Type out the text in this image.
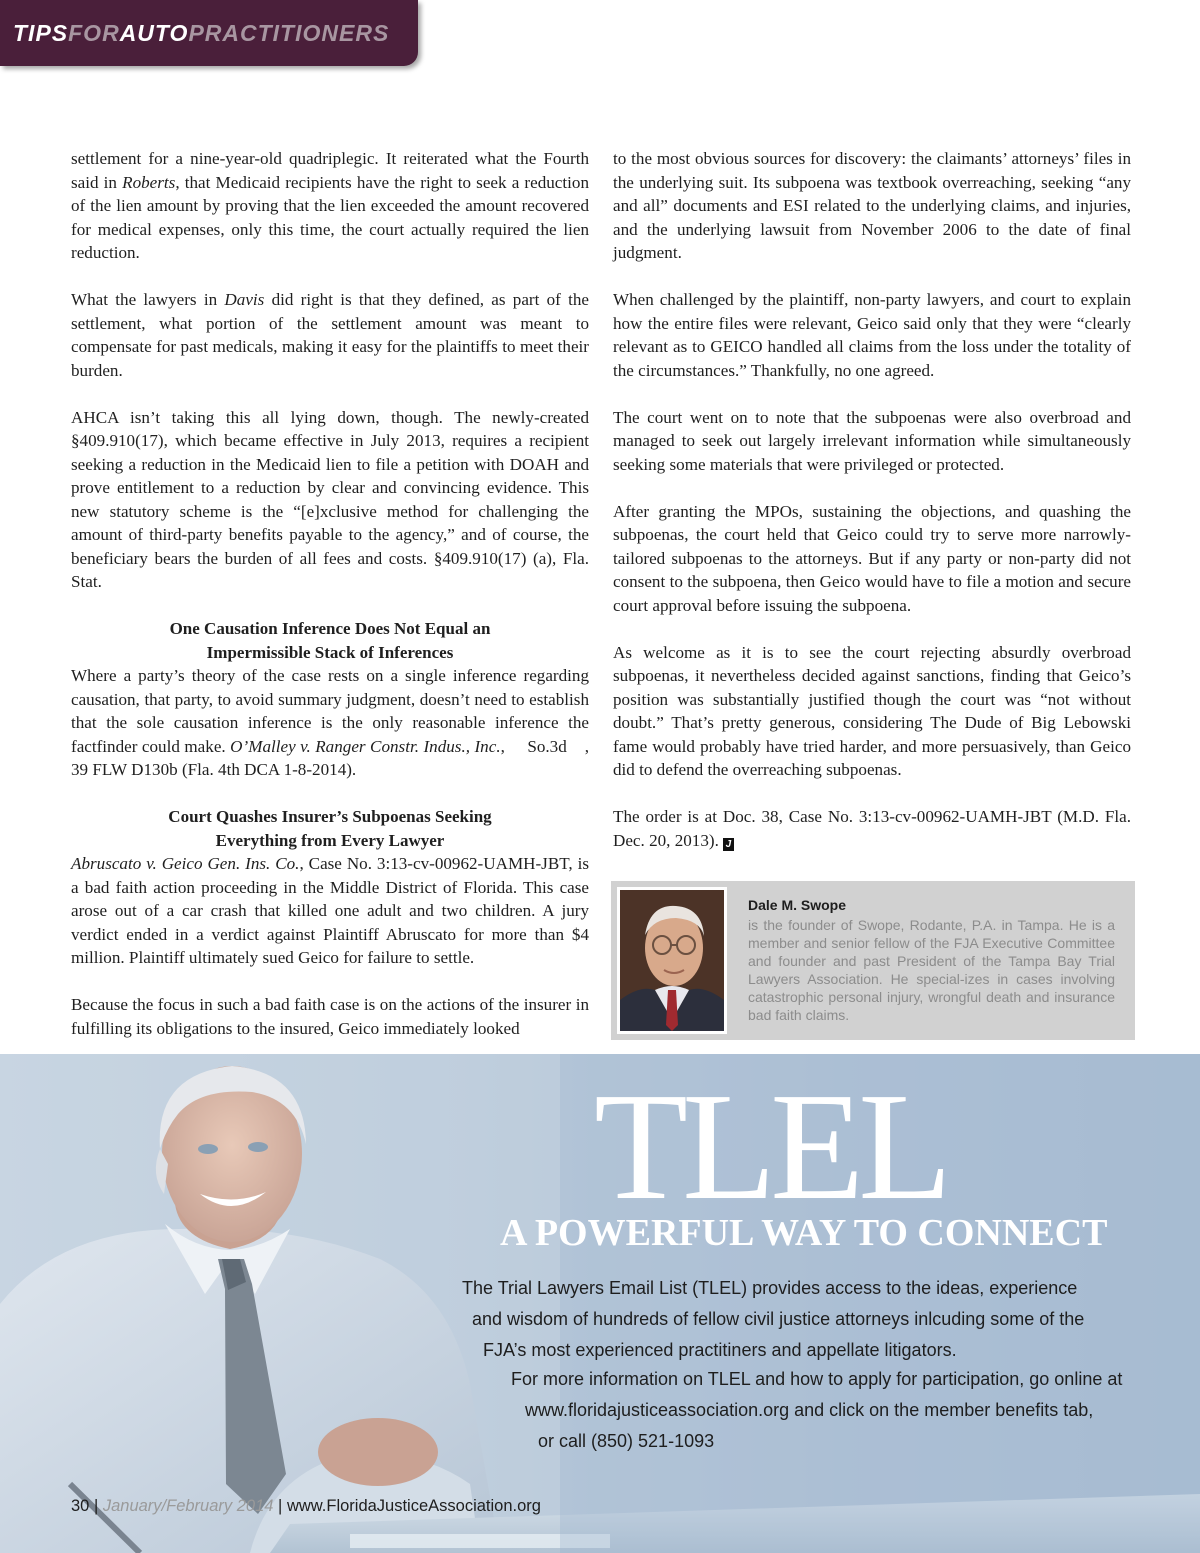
TIPSFORAUTOPRACTITIONERS

settlement for a nine-year-old quadriplegic. It reiterated what the Fourth said in Roberts, that Medicaid recipients have the right to seek a reduction of the lien amount by proving that the lien exceeded the amount recovered for medical expenses, only this time, the court actually required the lien reduction.

What the lawyers in Davis did right is that they defined, as part of the settlement, what portion of the settlement amount was meant to compensate for past medicals, making it easy for the plaintiffs to meet their burden.

AHCA isn’t taking this all lying down, though. The newly-created §409.910(17), which became effective in July 2013, requires a recipient seeking a reduction in the Medicaid lien to file a petition with DOAH and prove entitlement to a reduction by clear and convincing evidence. This new statutory scheme is the “[e]xclusive method for challenging the amount of third-party benefits payable to the agency,” and of course, the beneficiary bears the burden of all fees and costs. §409.910(17) (a), Fla. Stat.

One Causation Inference Does Not Equal an
Impermissible Stack of Inferences

Where a party’s theory of the case rests on a single inference regarding causation, that party, to avoid summary judgment, doesn’t need to establish that the sole causation inference is the only reasonable inference the factfinder could make. O’Malley v. Ranger Constr. Indus., Inc.,     So.3d    , 39 FLW D130b (Fla. 4th DCA 1-8-2014).

Court Quashes Insurer’s Subpoenas Seeking
Everything from Every Lawyer

Abruscato v. Geico Gen. Ins. Co., Case No. 3:13-cv-00962-UAMH-JBT, is a bad faith action proceeding in the Middle District of Florida. This case arose out of a car crash that killed one adult and two children. A jury verdict ended in a verdict against Plaintiff Abruscato for more than $4 million. Plaintiff ultimately sued Geico for failure to settle.

Because the focus in such a bad faith case is on the actions of the insurer in fulfilling its obligations to the insured, Geico immediately looked

to the most obvious sources for discovery: the claimants’ attorneys’ files in the underlying suit. Its subpoena was textbook overreaching, seeking “any and all” documents and ESI related to the underlying claims, and injuries, and the underlying lawsuit from November 2006 to the date of final judgment.

When challenged by the plaintiff, non-party lawyers, and court to explain how the entire files were relevant, Geico said only that they were “clearly relevant as to GEICO handled all claims from the loss under the totality of the circumstances.” Thankfully, no one agreed.

The court went on to note that the subpoenas were also overbroad and managed to seek out largely irrelevant information while simultaneously seeking some materials that were privileged or protected.

After granting the MPOs, sustaining the objections, and quashing the subpoenas, the court held that Geico could try to serve more narrowly-tailored subpoenas to the attorneys. But if any party or non-party did not consent to the subpoena, then Geico would have to file a motion and secure court approval before issuing the subpoena.

As welcome as it is to see the court rejecting absurdly overbroad subpoenas, it nevertheless decided against sanctions, finding that Geico’s position was substantially justified though the court was “not without doubt.” That’s pretty generous, considering The Dude of Big Lebowski fame would probably have tried harder, and more persuasively, than Geico did to defend the overreaching subpoenas.

The order is at Doc. 38, Case No. 3:13-cv-00962-UAMH-JBT (M.D. Fla. Dec. 20, 2013). J

Dale M. Swope
is the founder of Swope, Rodante, P.A. in Tampa. He is a member and senior fellow of the FJA Executive Committee and founder and past President of the Tampa Bay Trial Lawyers Association. He special-izes in cases involving catastrophic personal injury, wrongful death and insurance bad faith claims.
TLEL
A POWERFUL WAY TO CONNECT
The Trial Lawyers Email List (TLEL) provides access to the ideas, experience
and wisdom of hundreds of fellow civil justice attorneys inlcuding some of the
FJA’s most experienced practitiners and appellate litigators.
For more information on TLEL and how to apply for participation, go online at
www.floridajusticeassociation.org and click on the member benefits tab,
or call (850) 521-1093
30 | January/February 2014 | www.FloridaJusticeAssociation.org
